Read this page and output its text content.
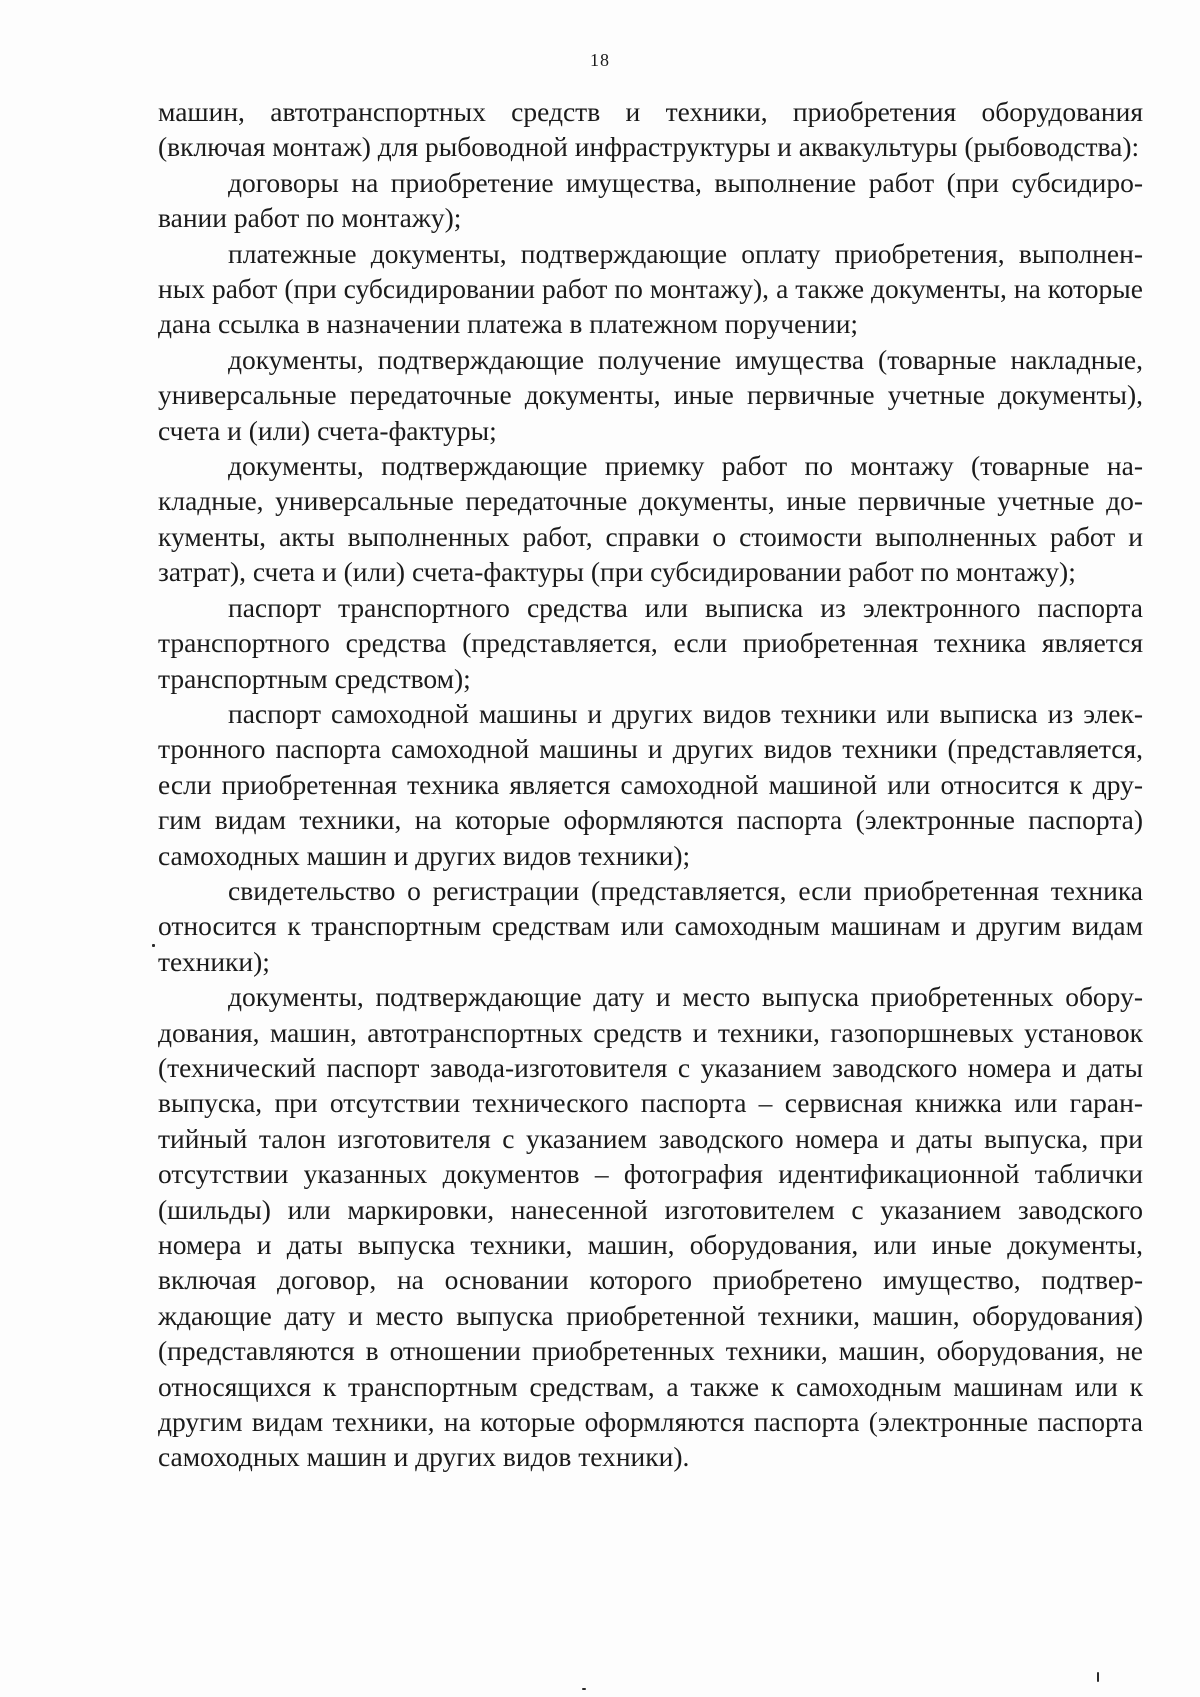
18

машин, автотранспортных средств и техники, приобретения оборудования (включая монтаж) для рыбоводной инфраструктуры и аквакультуры (рыбоводства):

договоры на приобретение имущества, выполнение работ (при субсидировании работ по монтажу);

платежные документы, подтверждающие оплату приобретения, выполненных работ (при субсидировании работ по монтажу), а также документы, на которые дана ссылка в назначении платежа в платежном поручении;

документы, подтверждающие получение имущества (товарные накладные, универсальные передаточные документы, иные первичные учетные документы), счета и (или) счета-фактуры;

документы, подтверждающие приемку работ по монтажу (товарные накладные, универсальные передаточные документы, иные первичные учетные документы, акты выполненных работ, справки о стоимости выполненных работ и затрат), счета и (или) счета-фактуры (при субсидировании работ по монтажу);

паспорт транспортного средства или выписка из электронного паспорта транспортного средства (представляется, если приобретенная техника является транспортным средством);

паспорт самоходной машины и других видов техники или выписка из электронного паспорта самоходной машины и других видов техники (представляется, если приобретенная техника является самоходной машиной или относится к другим видам техники, на которые оформляются паспорта (электронные паспорта) самоходных машин и других видов техники);

свидетельство о регистрации (представляется, если приобретенная техника относится к транспортным средствам или самоходным машинам и другим видам техники);

документы, подтверждающие дату и место выпуска приобретенных оборудования, машин, автотранспортных средств и техники, газопоршневых установок (технический паспорт завода-изготовителя с указанием заводского номера и даты выпуска, при отсутствии технического паспорта – сервисная книжка или гарантийный талон изготовителя с указанием заводского номера и даты выпуска, при отсутствии указанных документов – фотография идентификационной таблички (шильды) или маркировки, нанесенной изготовителем с указанием заводского номера и даты выпуска техники, машин, оборудования, или иные документы, включая договор, на основании которого приобретено имущество, подтверждающие дату и место выпуска приобретенной техники, машин, оборудования) (представляются в отношении приобретенных техники, машин, оборудования, не относящихся к транспортным средствам, а также к самоходным машинам или к другим видам техники, на которые оформляются паспорта (электронные паспорта самоходных машин и других видов техники).
